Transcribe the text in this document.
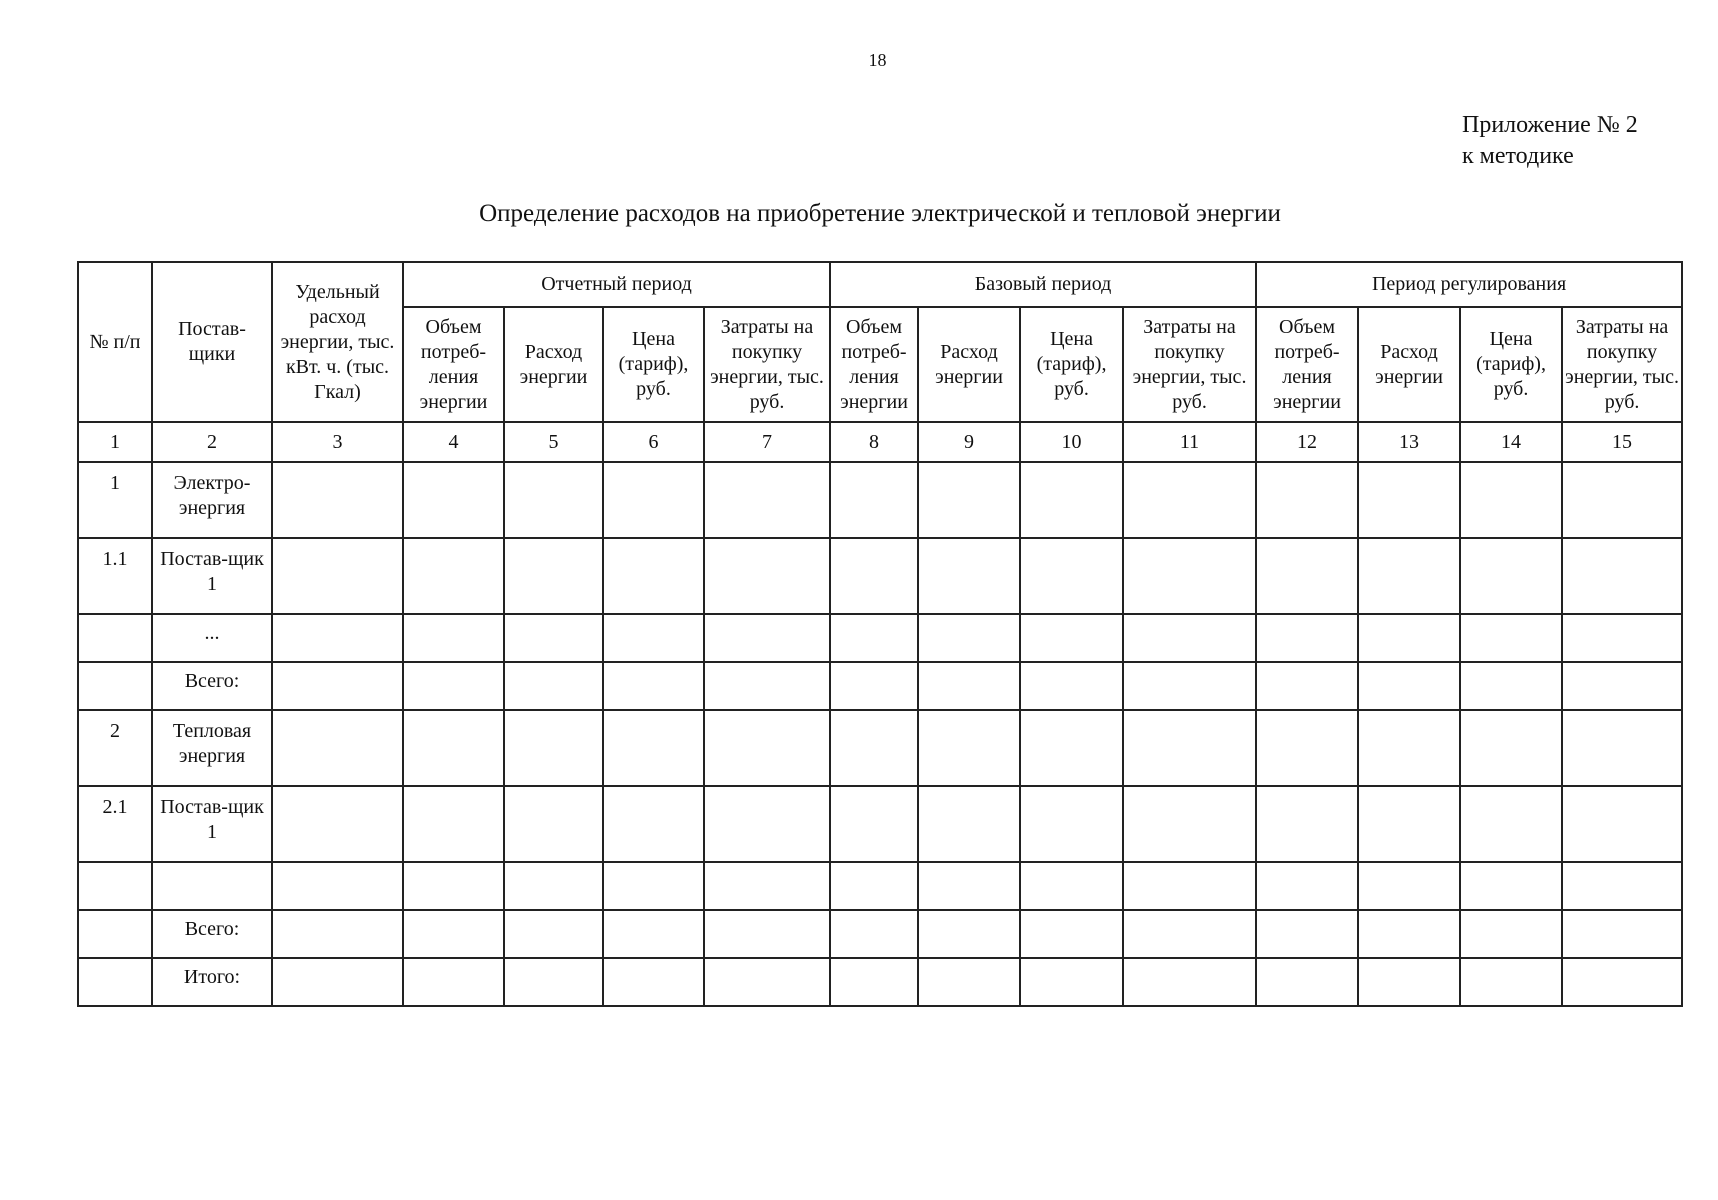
18
Приложение № 2
к методике
Определение расходов на приобретение электрической и тепловой энергии
№ п/п	Постав-щики	Удельный расход энергии, тыс. кВт. ч. (тыс. Гкал)	Отчетный период				Базовый период				Период регулирования			
			Объем потреб-ления энергии	Расход энергии	Цена (тариф), руб.	Затраты на покупку энергии, тыс. руб.	Объем потреб-ления энергии	Расход энергии	Цена (тариф), руб.	Затраты на покупку энергии, тыс. руб.	Объем потреб-ления энергии	Расход энергии	Цена (тариф), руб.	Затраты на покупку энергии, тыс. руб.
1	2	3	4	5	6	7	8	9	10	11	12	13	14	15
1	Электро-энергия													
1.1	Постав-щик 1													
	...													
	Всего:													
2	Тепловая энергия													
2.1	Постав-щик 1													

	Всего:													
	Итого:													
